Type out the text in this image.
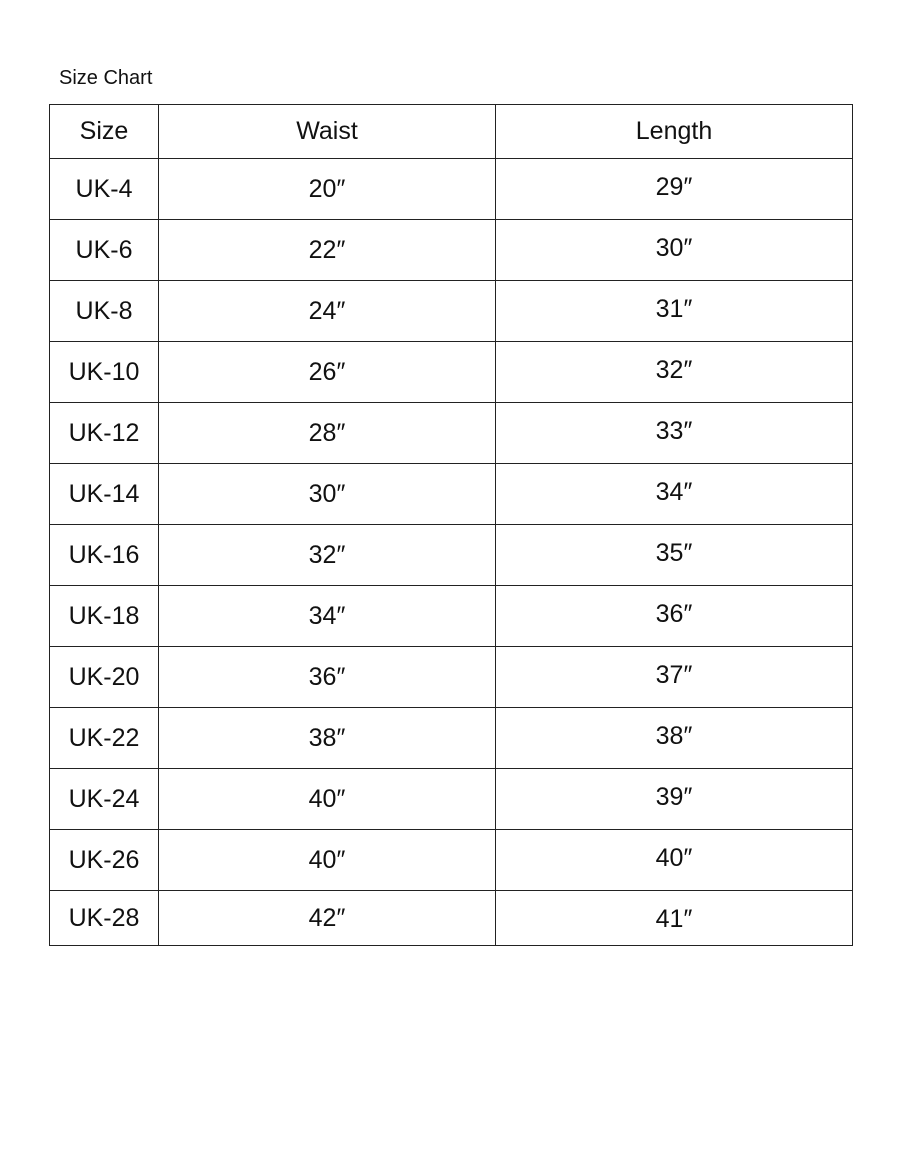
Size Chart
Size	Waist	Length
UK-4	20″	29″
UK-6	22″	30″
UK-8	24″	31″
UK-10	26″	32″
UK-12	28″	33″
UK-14	30″	34″
UK-16	32″	35″
UK-18	34″	36″
UK-20	36″	37″
UK-22	38″	38″
UK-24	40″	39″
UK-26	40″	40″
UK-28	42″	41″
